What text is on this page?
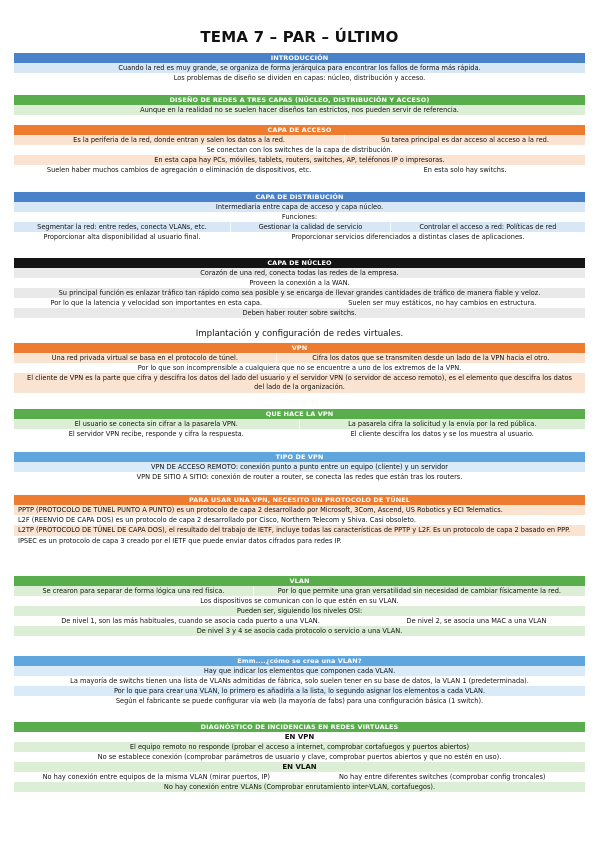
TEMA 7 – PAR – ÚLTIMO
INTRODUCCIÓN
Cuando la red es muy grande, se organiza de forma jerárquica para encontrar los fallos de forma más rápida.
Los problemas de diseño se dividen en capas: núcleo, distribución y acceso.
DISEÑO DE REDES A TRES CAPAS (NÚCLEO, DISTRIBUCIÓN Y ACCESO)
Aunque en la realidad no se suelen hacer diseños tan estrictos, nos pueden servir de referencia.
CAPA DE ACCESO
Es la periferia de la red, donde entran y salen los datos a la red.	Su tarea principal es dar acceso al acceso a la red.
Se conectan con los switches de la capa de distribución.
En esta capa hay PCs, móviles, tablets, routers, switches, AP, teléfonos IP o impresoras.
Suelen haber muchos cambios de agregación o eliminación de dispositivos, etc.	En esta solo hay switchs.
CAPA DE DISTRIBUCIÓN
Intermediaria entre capa de acceso y capa núcleo.
Funciones:
Segmentar la red: entre redes, conecta VLANs, etc.	Gestionar la calidad de servicio	Controlar el acceso a red: Políticas de red
Proporcionar alta disponibilidad al usuario final.	Proporcionar servicios diferenciados a distintas clases de aplicaciones.
CAPA DE NÚCLEO
Corazón de una red, conecta todas las redes de la empresa.
Proveen la conexión a la WAN.
Su principal función es enlazar tráfico tan rápido como sea posible y se encarga de llevar grandes cantidades de tráfico de manera fiable y veloz.
Por lo que la latencia y velocidad son importantes en esta capa.	Suelen ser muy estáticos, no hay cambios en estructura.
Deben haber router sobre switchs.
Implantación y configuración de redes virtuales.
VPN
Una red privada virtual se basa en el protocolo de túnel.	Cifra los datos que se transmiten desde un lado de la VPN hacia el otro.
Por lo que son incomprensible a cualquiera que no se encuentre a uno de los extremos de la VPN.
El cliente de VPN es la parte que cifra y descifra los datos del lado del usuario y el servidor VPN (o servidor de acceso remoto), es el elemento que descifra los datos del lado de la organización.
QUE HACE LA VPN
El usuario se conecta sin cifrar a la pasarela VPN.	La pasarela cifra la solicitud y la envía por la red pública.
El servidor VPN recibe, responde y cifra la respuesta.	El cliente descifra los datos y se los muestra al usuario.
TIPO DE VPN
VPN DE ACCESO REMOTO: conexión punto a punto entre un equipo (cliente) y un servidor
VPN DE SITIO A SITIO: conexión de router a router, se conecta las redes que están tras los routers.
PARA USAR UNA VPN, NECESITO UN PROTOCOLO DE TÚNEL
PPTP (PROTOCOLO DE TÚNEL PUNTO A PUNTO) es un protocolo de capa 2 desarrollado por Microsoft, 3Com, Ascend, US Robotics y ECI Telematics.
L2F (REENVÍO DE CAPA DOS) es un protocolo de capa 2 desarrollado por Cisco, Northern Telecom y Shiva. Casi obsoleto.
L2TP (PROTOCOLO DE TÚNEL DE CAPA DOS), el resultado del trabajo de IETF, incluye todas las características de PPTP y L2F. Es un protocolo de capa 2 basado en PPP.
IPSEC es un protocolo de capa 3 creado por el IETF que puede enviar datos cifrados para redes IP.
VLAN
Se crearon para separar de forma lógica una red física.	Por lo que permite una gran versatilidad sin necesidad de cambiar físicamente la red.
Los dispositivos se comunican con lo que estén en su VLAN.
Pueden ser, siguiendo los niveles OSI:
De nivel 1, son las más habituales, cuando se asocia cada puerto a una VLAN.	De nivel 2, se asocia una MAC a una VLAN
De nivel 3 y 4 se asocia cada protocolo o servicio a una VLAN.
Emm....¿cómo se crea una VLAN?
Hay que indicar los elementos que componen cada VLAN.
La mayoría de switchs tienen una lista de VLANs admitidas de fábrica, solo suelen tener en su base de datos, la VLAN 1 (predeterminada).
Por lo que para crear una VLAN, lo primero es añadirla a la lista, lo segundo asignar los elementos a cada VLAN.
Según el fabricante se puede configurar vía web (la mayoría de fabs) para una configuración básica (1 switch).
DIAGNÓSTICO DE INCIDENCIAS EN REDES VIRTUALES
EN VPN
El equipo remoto no responde (probar el acceso a internet, comprobar cortafuegos y puertos abiertos)
No se establece conexión (comprobar parámetros de usuario y clave, comprobar puertos abiertos y que no estén en uso).
EN VLAN
No hay conexión entre equipos de la misma VLAN (mirar puertos, IP)	No hay entre diferentes switches (comprobar config troncales)
No hay conexión entre VLANs (Comprobar enrutamiento inter-VLAN, cortafuegos).
